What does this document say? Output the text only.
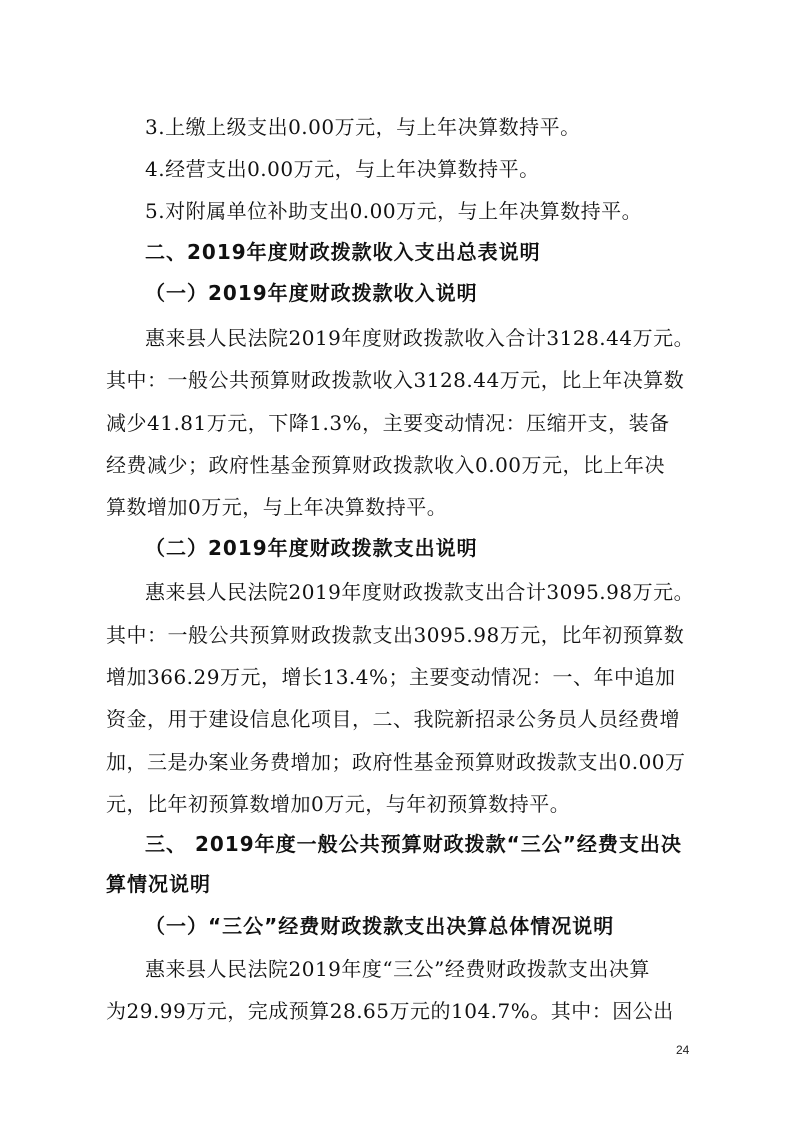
3.上缴上级支出0.00万元，与上年决算数持平。
4.经营支出0.00万元，与上年决算数持平。
5.对附属单位补助支出0.00万元，与上年决算数持平。
二、2019年度财政拨款收入支出总表说明
（一）2019年度财政拨款收入说明
惠来县人民法院2019年度财政拨款收入合计3128.44万元。
其中：一般公共预算财政拨款收入3128.44万元，比上年决算数
减少41.81万元，下降1.3%，主要变动情况：压缩开支，装备
经费减少；政府性基金预算财政拨款收入0.00万元，比上年决
算数增加0万元，与上年决算数持平。
（二）2019年度财政拨款支出说明
惠来县人民法院2019年度财政拨款支出合计3095.98万元。
其中：一般公共预算财政拨款支出3095.98万元，比年初预算数
增加366.29万元，增长13.4%；主要变动情况：一、年中追加
资金，用于建设信息化项目，二、我院新招录公务员人员经费增
加，三是办案业务费增加；政府性基金预算财政拨款支出0.00万
元，比年初预算数增加0万元，与年初预算数持平。
三、 2019年度一般公共预算财政拨款“三公”经费支出决
算情况说明
（一）“三公”经费财政拨款支出决算总体情况说明
惠来县人民法院2019年度“三公”经费财政拨款支出决算
为29.99万元，完成预算28.65万元的104.7%。其中：因公出
24
